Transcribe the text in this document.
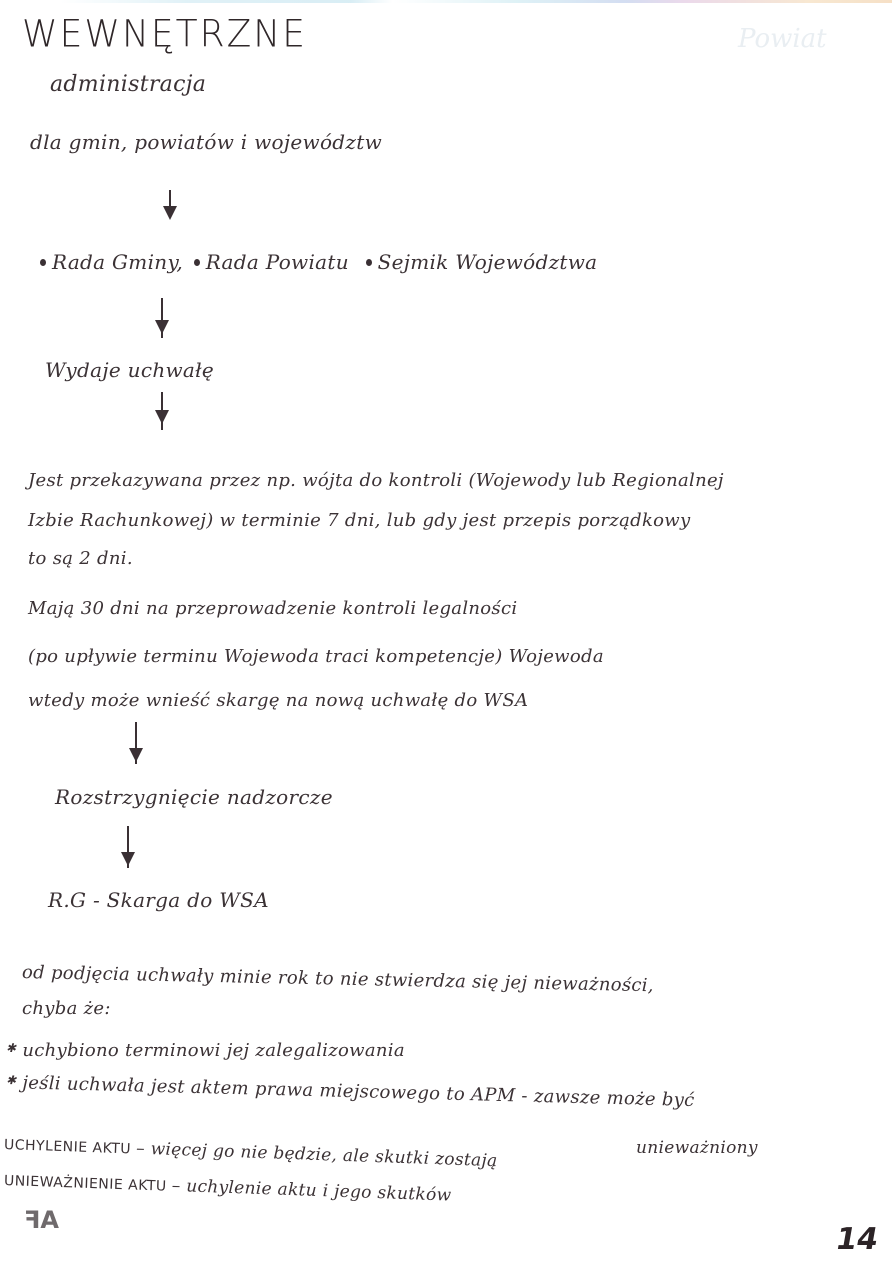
Powiat
WEWNĘTRZNE
administracja
dla gmin, powiatów i województw
Rada Gminy, Rada Powiatu Sejmik Województwa
Wydaje uchwałę
Jest przekazywana przez np. wójta do kontroli (Wojewody lub Regionalnej
Izbie Rachunkowej) w terminie 7 dni, lub gdy jest przepis porządkowy
to są 2 dni.
Mają 30 dni na przeprowadzenie kontroli legalności
(po upływie terminu Wojewoda traci kompetencje) Wojewoda
wtedy może wnieść skargę na nową uchwałę do WSA
Rozstrzygnięcie nadzorcze
R.G - Skarga do WSA
od podjęcia uchwały minie rok to nie stwierdza się jej nieważności,
chyba że:
✱ uchybiono terminowi jej zalegalizowania
✱ jeśli uchwała jest aktem prawa miejscowego to APM - zawsze może być
unieważniony
UCHYLENIE AKTU – więcej go nie będzie, ale skutki zostają
UNIEWAŻNIENIE AKTU – uchylenie aktu i jego skutków
ꟻA
14
